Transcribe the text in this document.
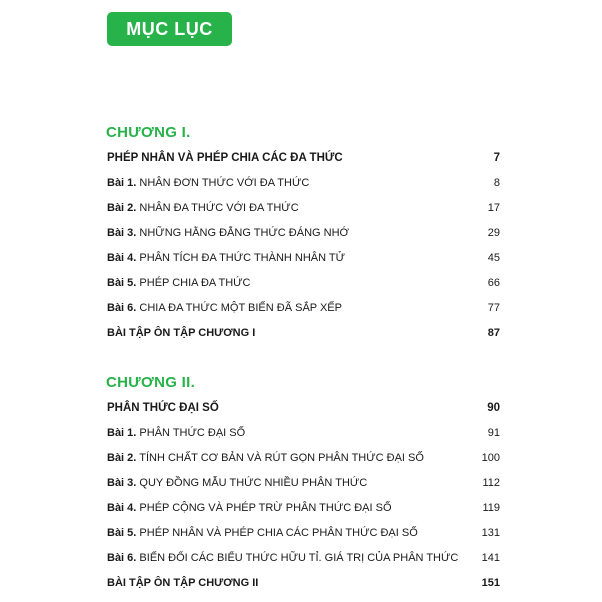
MỤC LỤC
CHƯƠNG I.
PHÉP NHÂN VÀ PHÉP CHIA CÁC ĐA THỨC	7
Bài 1. NHÂN ĐƠN THỨC VỚI ĐA THỨC	8
Bài 2. NHÂN ĐA THỨC VỚI ĐA THỨC	17
Bài 3. NHỮNG HẰNG ĐẲNG THỨC ĐÁNG NHỚ	29
Bài 4. PHÂN TÍCH ĐA THỨC THÀNH NHÂN TỬ	45
Bài 5. PHÉP CHIA ĐA THỨC	66
Bài 6. CHIA ĐA THỨC MỘT BIẾN ĐÃ SẮP XẾP	77
BÀI TẬP ÔN TẬP CHƯƠNG I	87
CHƯƠNG II.
PHÂN THỨC ĐẠI SỐ	90
Bài 1. PHÂN THỨC ĐẠI SỐ	91
Bài 2. TÍNH CHẤT CƠ BẢN VÀ RÚT GỌN PHÂN THỨC ĐẠI SỐ	100
Bài 3. QUY ĐỒNG MẪU THỨC NHIỀU PHÂN THỨC	112
Bài 4. PHÉP CỘNG VÀ PHÉP TRỪ PHÂN THỨC ĐẠI SỐ	119
Bài 5. PHÉP NHÂN VÀ PHÉP CHIA CÁC PHÂN THỨC ĐẠI SỐ	131
Bài 6. BIẾN ĐỔI CÁC BIỂU THỨC HỮU TỈ. GIÁ TRỊ CỦA PHÂN THỨC 141
BÀI TẬP ÔN TẬP CHƯƠNG II	151
